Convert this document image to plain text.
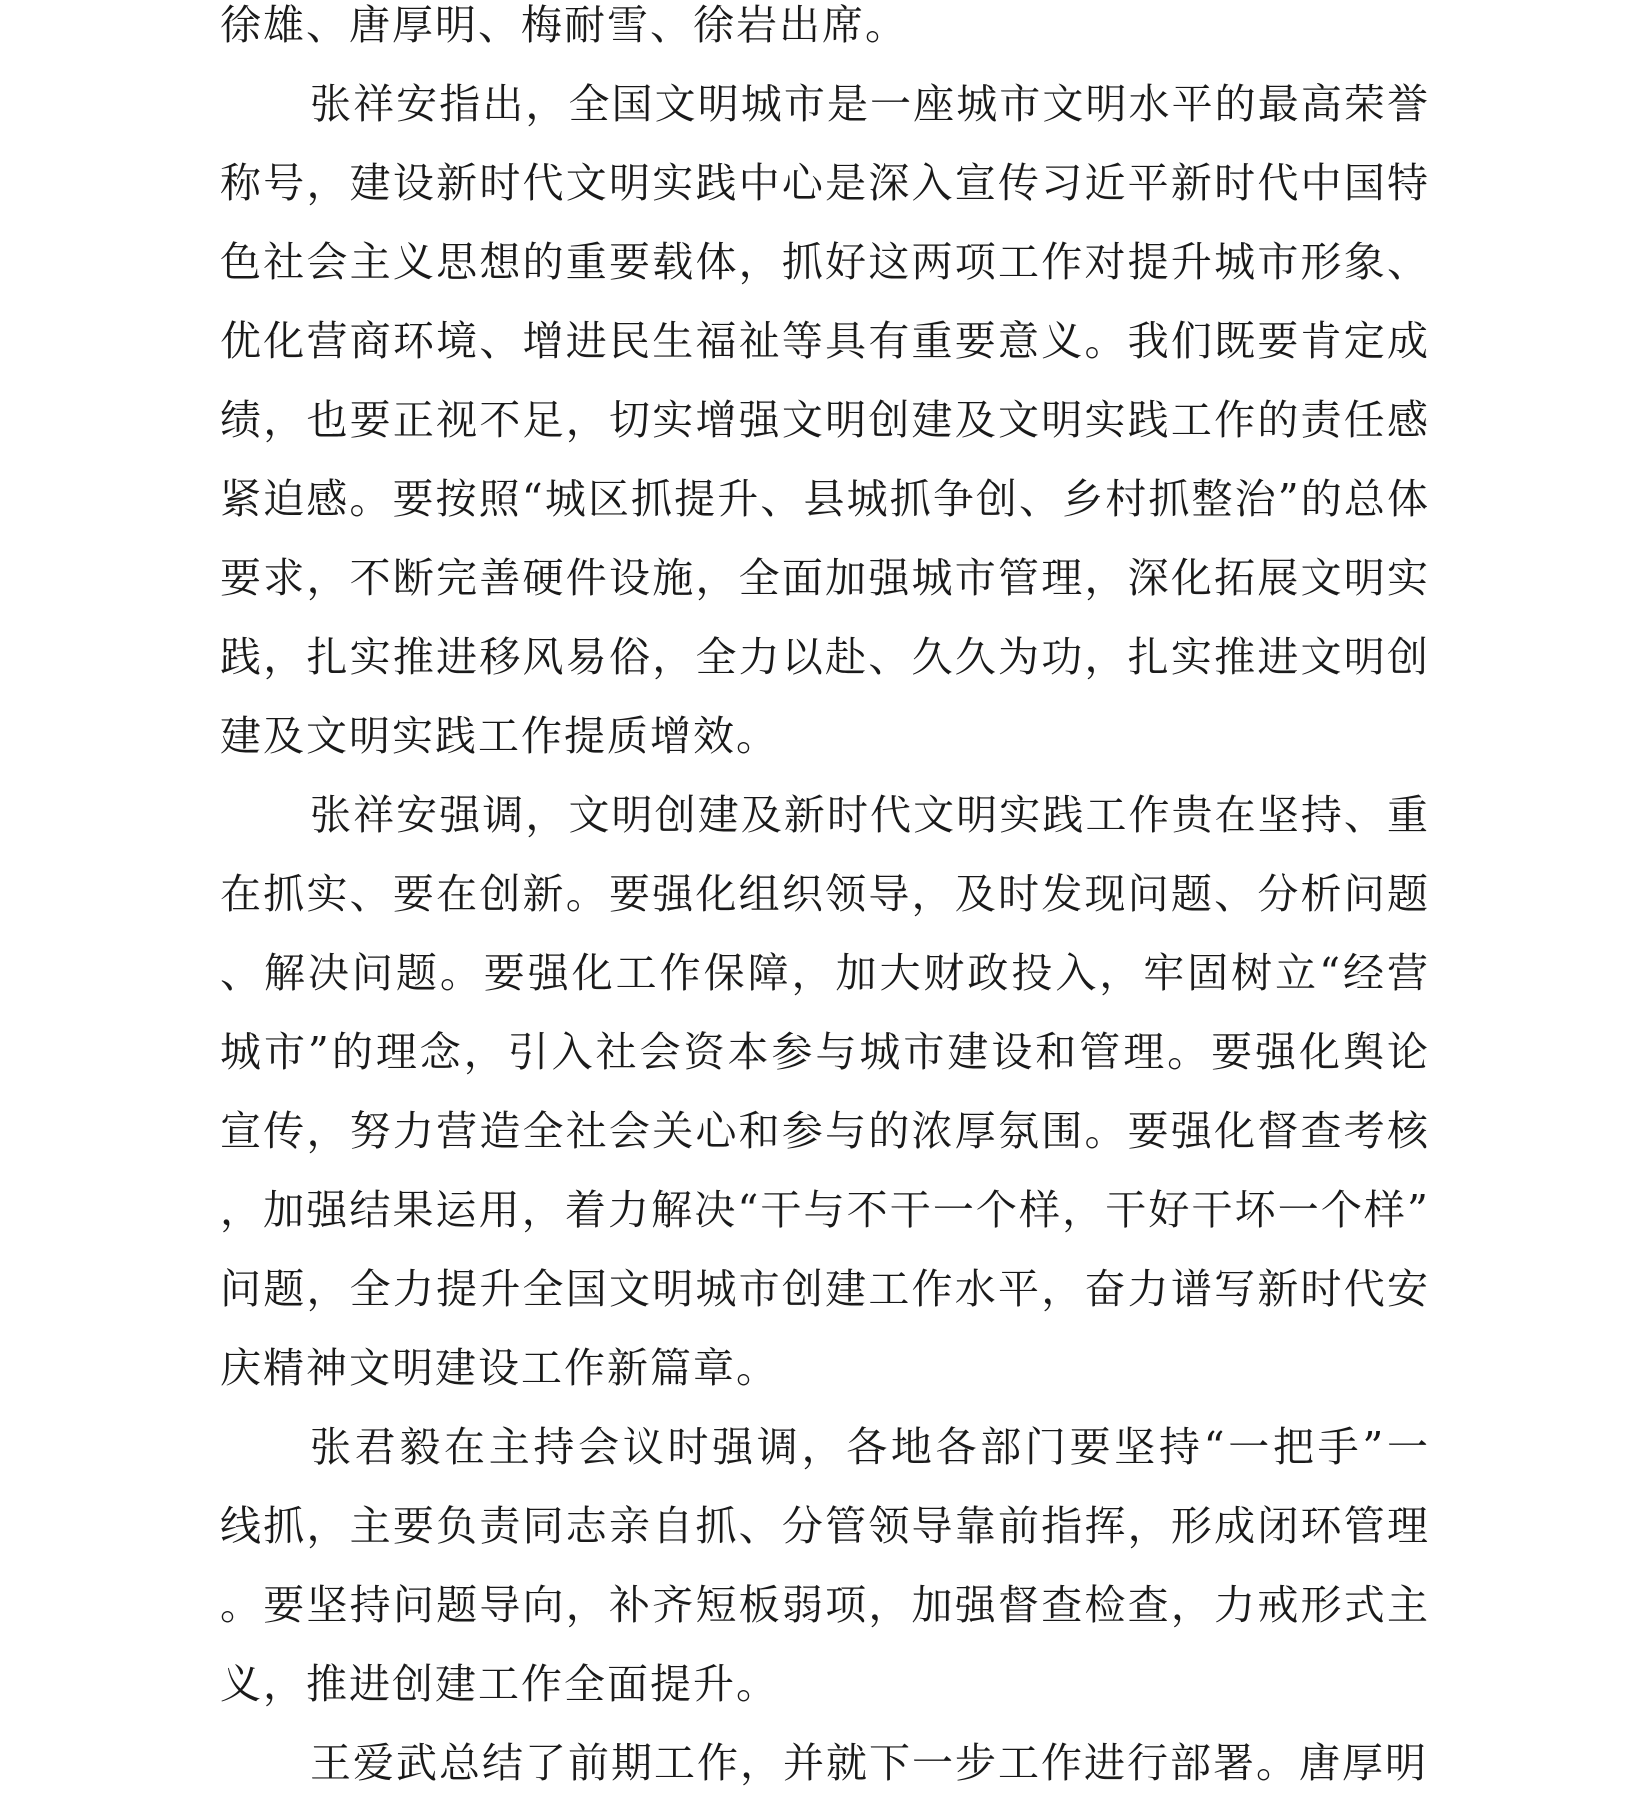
徐雄、唐厚明、梅耐雪、徐岩出席。

张祥安指出，全国文明城市是一座城市文明水平的最高荣誉称号，建设新时代文明实践中心是深入宣传习近平新时代中国特色社会主义思想的重要载体，抓好这两项工作对提升城市形象、优化营商环境、增进民生福祉等具有重要意义。我们既要肯定成绩，也要正视不足，切实增强文明创建及文明实践工作的责任感紧迫感。要按照“城区抓提升、县城抓争创、乡村抓整治”的总体要求，不断完善硬件设施，全面加强城市管理，深化拓展文明实践，扎实推进移风易俗，全力以赴、久久为功，扎实推进文明创建及文明实践工作提质增效。

张祥安强调，文明创建及新时代文明实践工作贵在坚持、重在抓实、要在创新。要强化组织领导，及时发现问题、分析问题、解决问题。要强化工作保障，加大财政投入，牢固树立“经营城市”的理念，引入社会资本参与城市建设和管理。要强化舆论宣传，努力营造全社会关心和参与的浓厚氛围。要强化督查考核，加强结果运用，着力解决“干与不干一个样，干好干坏一个样”问题，全力提升全国文明城市创建工作水平，奋力谱写新时代安庆精神文明建设工作新篇章。

张君毅在主持会议时强调，各地各部门要坚持“一把手”一线抓，主要负责同志亲自抓、分管领导靠前指挥，形成闭环管理。要坚持问题导向，补齐短板弱项，加强督查检查，力戒形式主义，推进创建工作全面提升。

王爱武总结了前期工作，并就下一步工作进行部署。唐厚明
